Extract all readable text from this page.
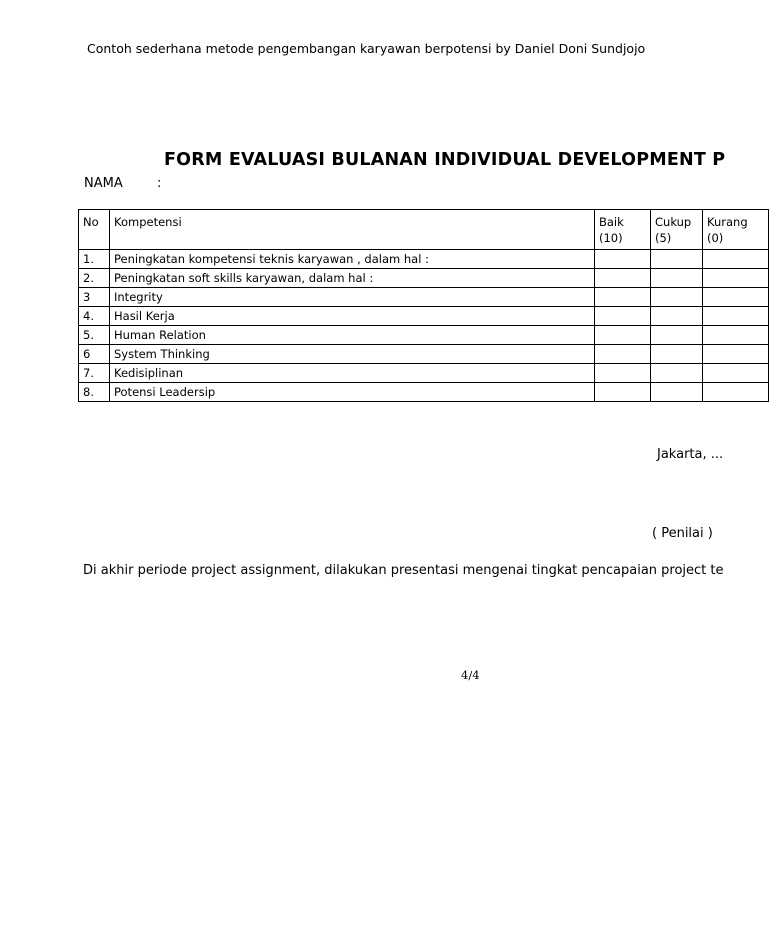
Contoh sederhana metode pengembangan karyawan berpotensi by Daniel Doni Sundjojo
FORM EVALUASI BULANAN INDIVIDUAL DEVELOPMENT P
NAMA	:
No	Kompetensi	Baik (10)	Cukup (5)	Kurang (0)
1.	Peningkatan kompetensi teknis karyawan , dalam hal :			
2.	Peningkatan soft skills karyawan, dalam hal :			
3	Integrity			
4.	Hasil Kerja			
5.	Human Relation			
6	System Thinking			
7.	Kedisiplinan			
8.	Potensi Leadersip			
Jakarta, ...
( Penilai )
Di akhir periode project assignment, dilakukan presentasi mengenai tingkat pencapaian project te
4/4
